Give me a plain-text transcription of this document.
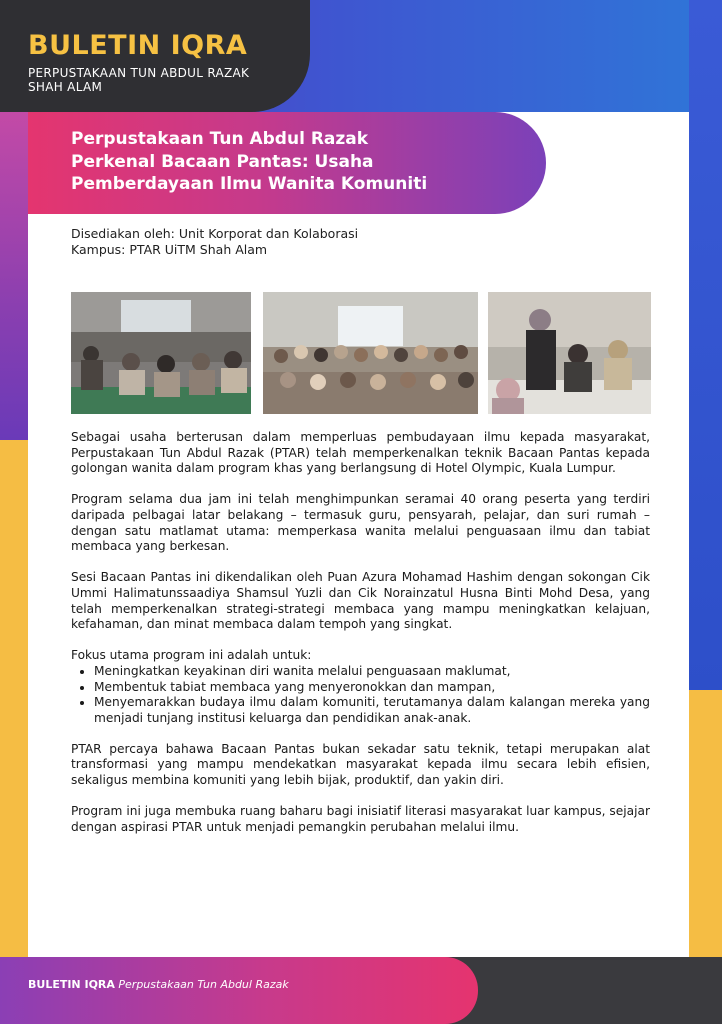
BULETIN IQRA
PERPUSTAKAAN TUN ABDUL RAZAK
SHAH ALAM
Perpustakaan Tun Abdul Razak
Perkenal Bacaan Pantas: Usaha
Pemberdayaan Ilmu Wanita Komuniti
Disediakan oleh: Unit Korporat dan Kolaborasi
Kampus: PTAR UiTM Shah Alam

Sebagai usaha berterusan dalam memperluas pembudayaan ilmu kepada masyarakat, Perpustakaan Tun Abdul Razak (PTAR) telah memperkenalkan teknik Bacaan Pantas kepada golongan wanita dalam program khas yang berlangsung di Hotel Olympic, Kuala Lumpur.

Program selama dua jam ini telah menghimpunkan seramai 40 orang peserta yang terdiri daripada pelbagai latar belakang – termasuk guru, pensyarah, pelajar, dan suri rumah – dengan satu matlamat utama: memperkasa wanita melalui penguasaan ilmu dan tabiat membaca yang berkesan.

Sesi Bacaan Pantas ini dikendalikan oleh Puan Azura Mohamad Hashim dengan sokongan Cik Ummi Halimatunssaadiya Shamsul Yuzli dan Cik Norainzatul Husna Binti Mohd Desa, yang telah memperkenalkan strategi-strategi membaca yang mampu meningkatkan kelajuan, kefahaman, dan minat membaca dalam tempoh yang singkat.

Fokus utama program ini adalah untuk:

• Meningkatkan keyakinan diri wanita melalui penguasaan maklumat,
• Membentuk tabiat membaca yang menyeronokkan dan mampan,
• Menyemarakkan budaya ilmu dalam komuniti, terutamanya dalam kalangan mereka yang menjadi tunjang institusi keluarga dan pendidikan anak-anak.

PTAR percaya bahawa Bacaan Pantas bukan sekadar satu teknik, tetapi merupakan alat transformasi yang mampu mendekatkan masyarakat kepada ilmu secara lebih efisien, sekaligus membina komuniti yang lebih bijak, produktif, dan yakin diri.

Program ini juga membuka ruang baharu bagi inisiatif literasi masyarakat luar kampus, sejajar dengan aspirasi PTAR untuk menjadi pemangkin perubahan melalui ilmu.

BULETIN IQRA Perpustakaan Tun Abdul Razak
